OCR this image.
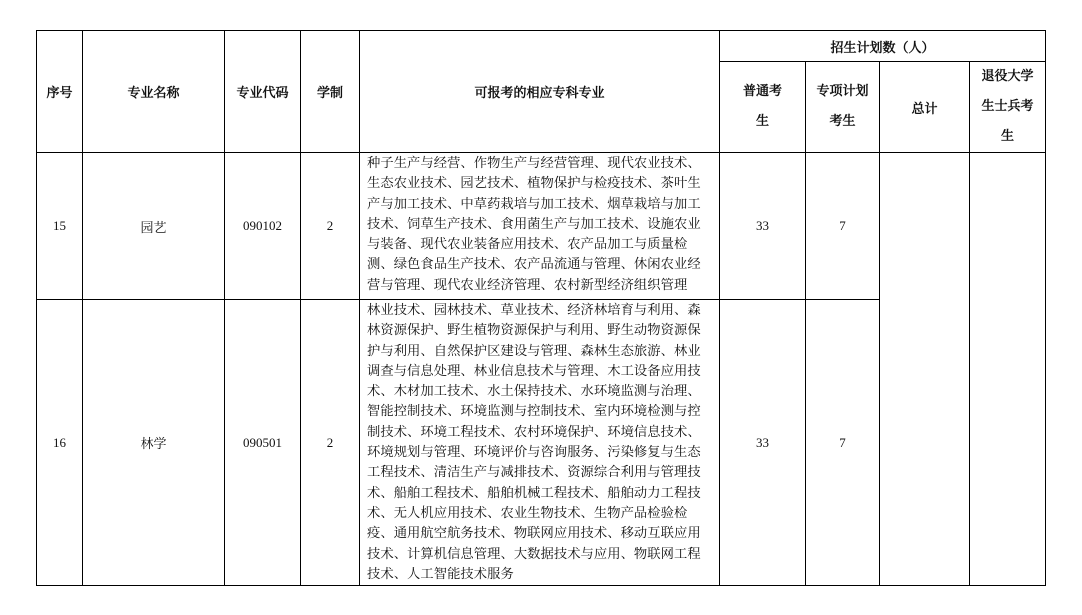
序号	专业名称	专业代码	学制	可报考的相应专科专业	招生计划数（人）			
					普通考生	专项计划考生	总计	退役大学生士兵考生
15	园艺	090102	2	种子生产与经营、作物生产与经营管理、现代农业技术、生态农业技术、园艺技术、植物保护与检疫技术、茶叶生产与加工技术、中草药栽培与加工技术、烟草栽培与加工技术、饲草生产技术、食用菌生产与加工技术、设施农业与装备、现代农业装备应用技术、农产品加工与质量检测、绿色食品生产技术、农产品流通与管理、休闲农业经营与管理、现代农业经济管理、农村新型经济组织管理	33	7		
16	林学	090501	2	林业技术、园林技术、草业技术、经济林培育与利用、森林资源保护、野生植物资源保护与利用、野生动物资源保护与利用、自然保护区建设与管理、森林生态旅游、林业调查与信息处理、林业信息技术与管理、木工设备应用技术、木材加工技术、水土保持技术、水环境监测与治理、智能控制技术、环境监测与控制技术、室内环境检测与控制技术、环境工程技术、农村环境保护、环境信息技术、环境规划与管理、环境评价与咨询服务、污染修复与生态工程技术、清洁生产与减排技术、资源综合利用与管理技术、船舶工程技术、船舶机械工程技术、船舶动力工程技术、无人机应用技术、农业生物技术、生物产品检验检疫、通用航空航务技术、物联网应用技术、移动互联应用技术、计算机信息管理、大数据技术与应用、物联网工程技术、人工智能技术服务	33	7		
